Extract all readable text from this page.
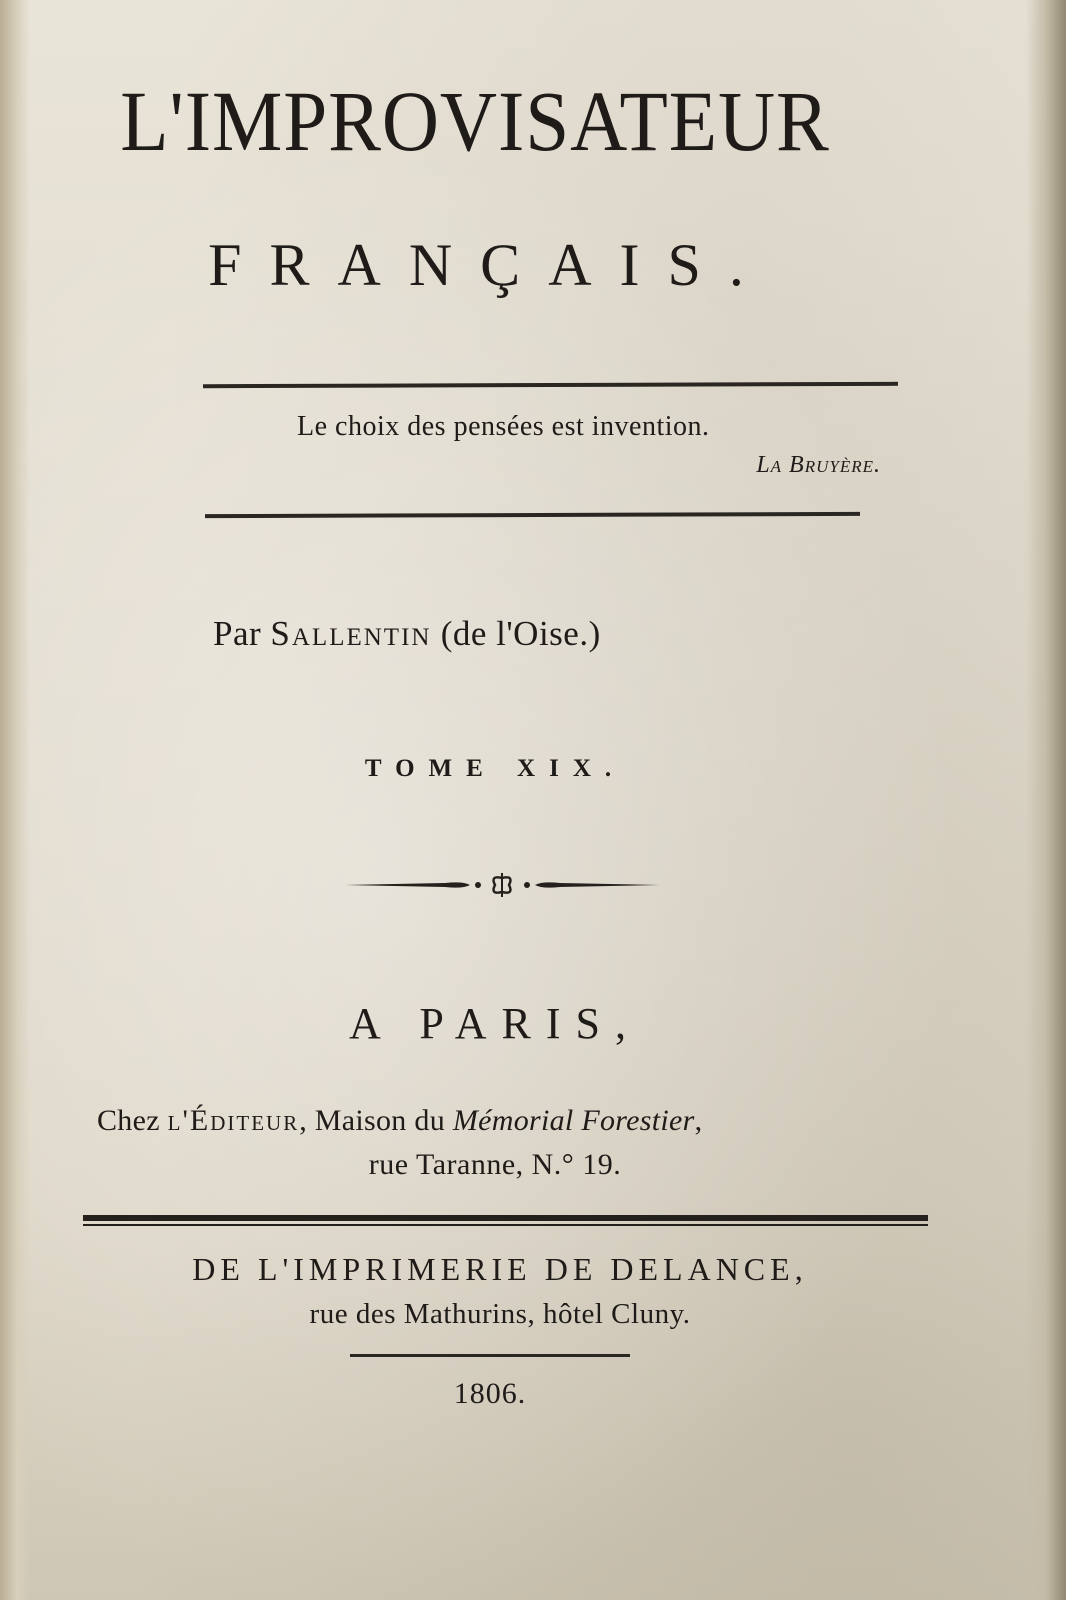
L'IMPROVISATEUR
FRANÇAIS.
Le choix des pensées est invention.
La Bruyère.
Par Sallentin (de l'Oise.)
TOME XIX.
A PARIS,
Chez l'Éditeur, Maison du Mémorial Forestier,
rue Taranne, N.° 19.
DE L'IMPRIMERIE DE DELANCE,
rue des Mathurins, hôtel Cluny.
1806.
